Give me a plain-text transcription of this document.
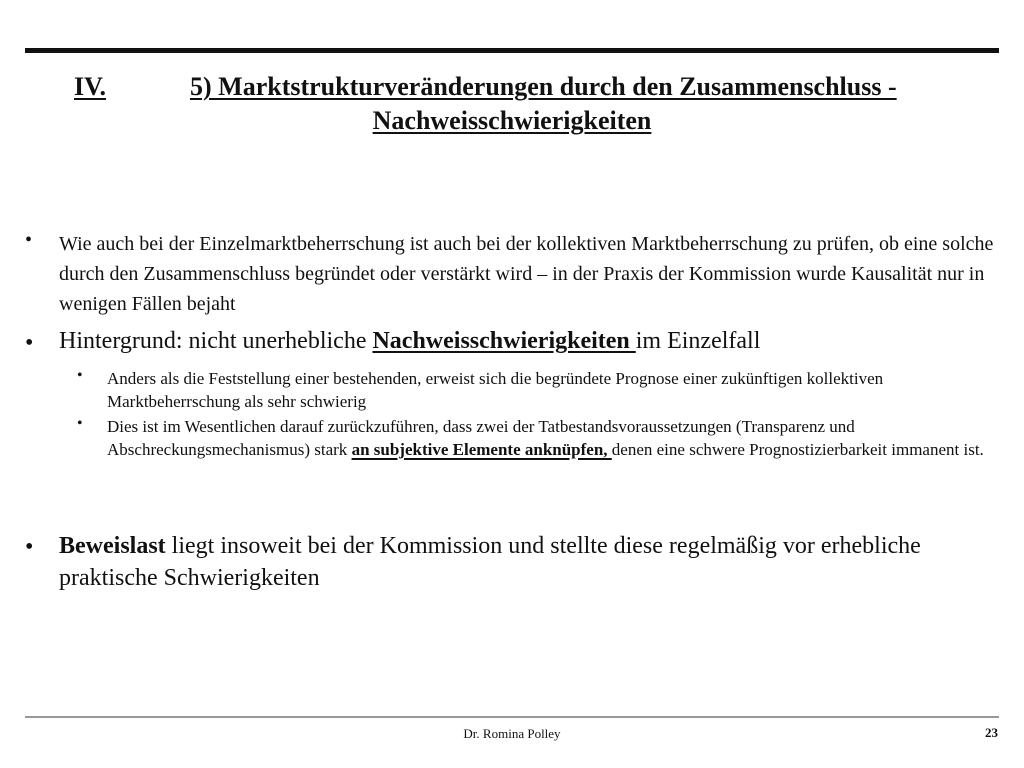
IV.	5) Marktstrukturveränderungen durch den Zusammenschluss -
Nachweisschwierigkeiten
• Wie auch bei der Einzelmarktbeherrschung ist auch bei der kollektiven Marktbeherrschung zu prüfen, ob eine solche durch den Zusammenschluss begründet oder verstärkt wird – in der Praxis der Kommission wurde Kausalität nur in wenigen Fällen bejaht
• Hintergrund: nicht unerhebliche Nachweisschwierigkeiten im Einzelfall
• Anders als die Feststellung einer bestehenden, erweist sich die begründete Prognose einer zukünftigen kollektiven Marktbeherrschung als sehr schwierig
• Dies ist im Wesentlichen darauf zurückzuführen, dass zwei der Tatbestandsvoraussetzungen (Transparenz und Abschreckungsmechanismus) stark an subjektive Elemente anknüpfen, denen eine schwere Prognostizierbarkeit immanent ist.
• Beweislast liegt insoweit bei der Kommission und stellte diese regelmäßig vor erhebliche praktische Schwierigkeiten
Dr. Romina Polley	23
